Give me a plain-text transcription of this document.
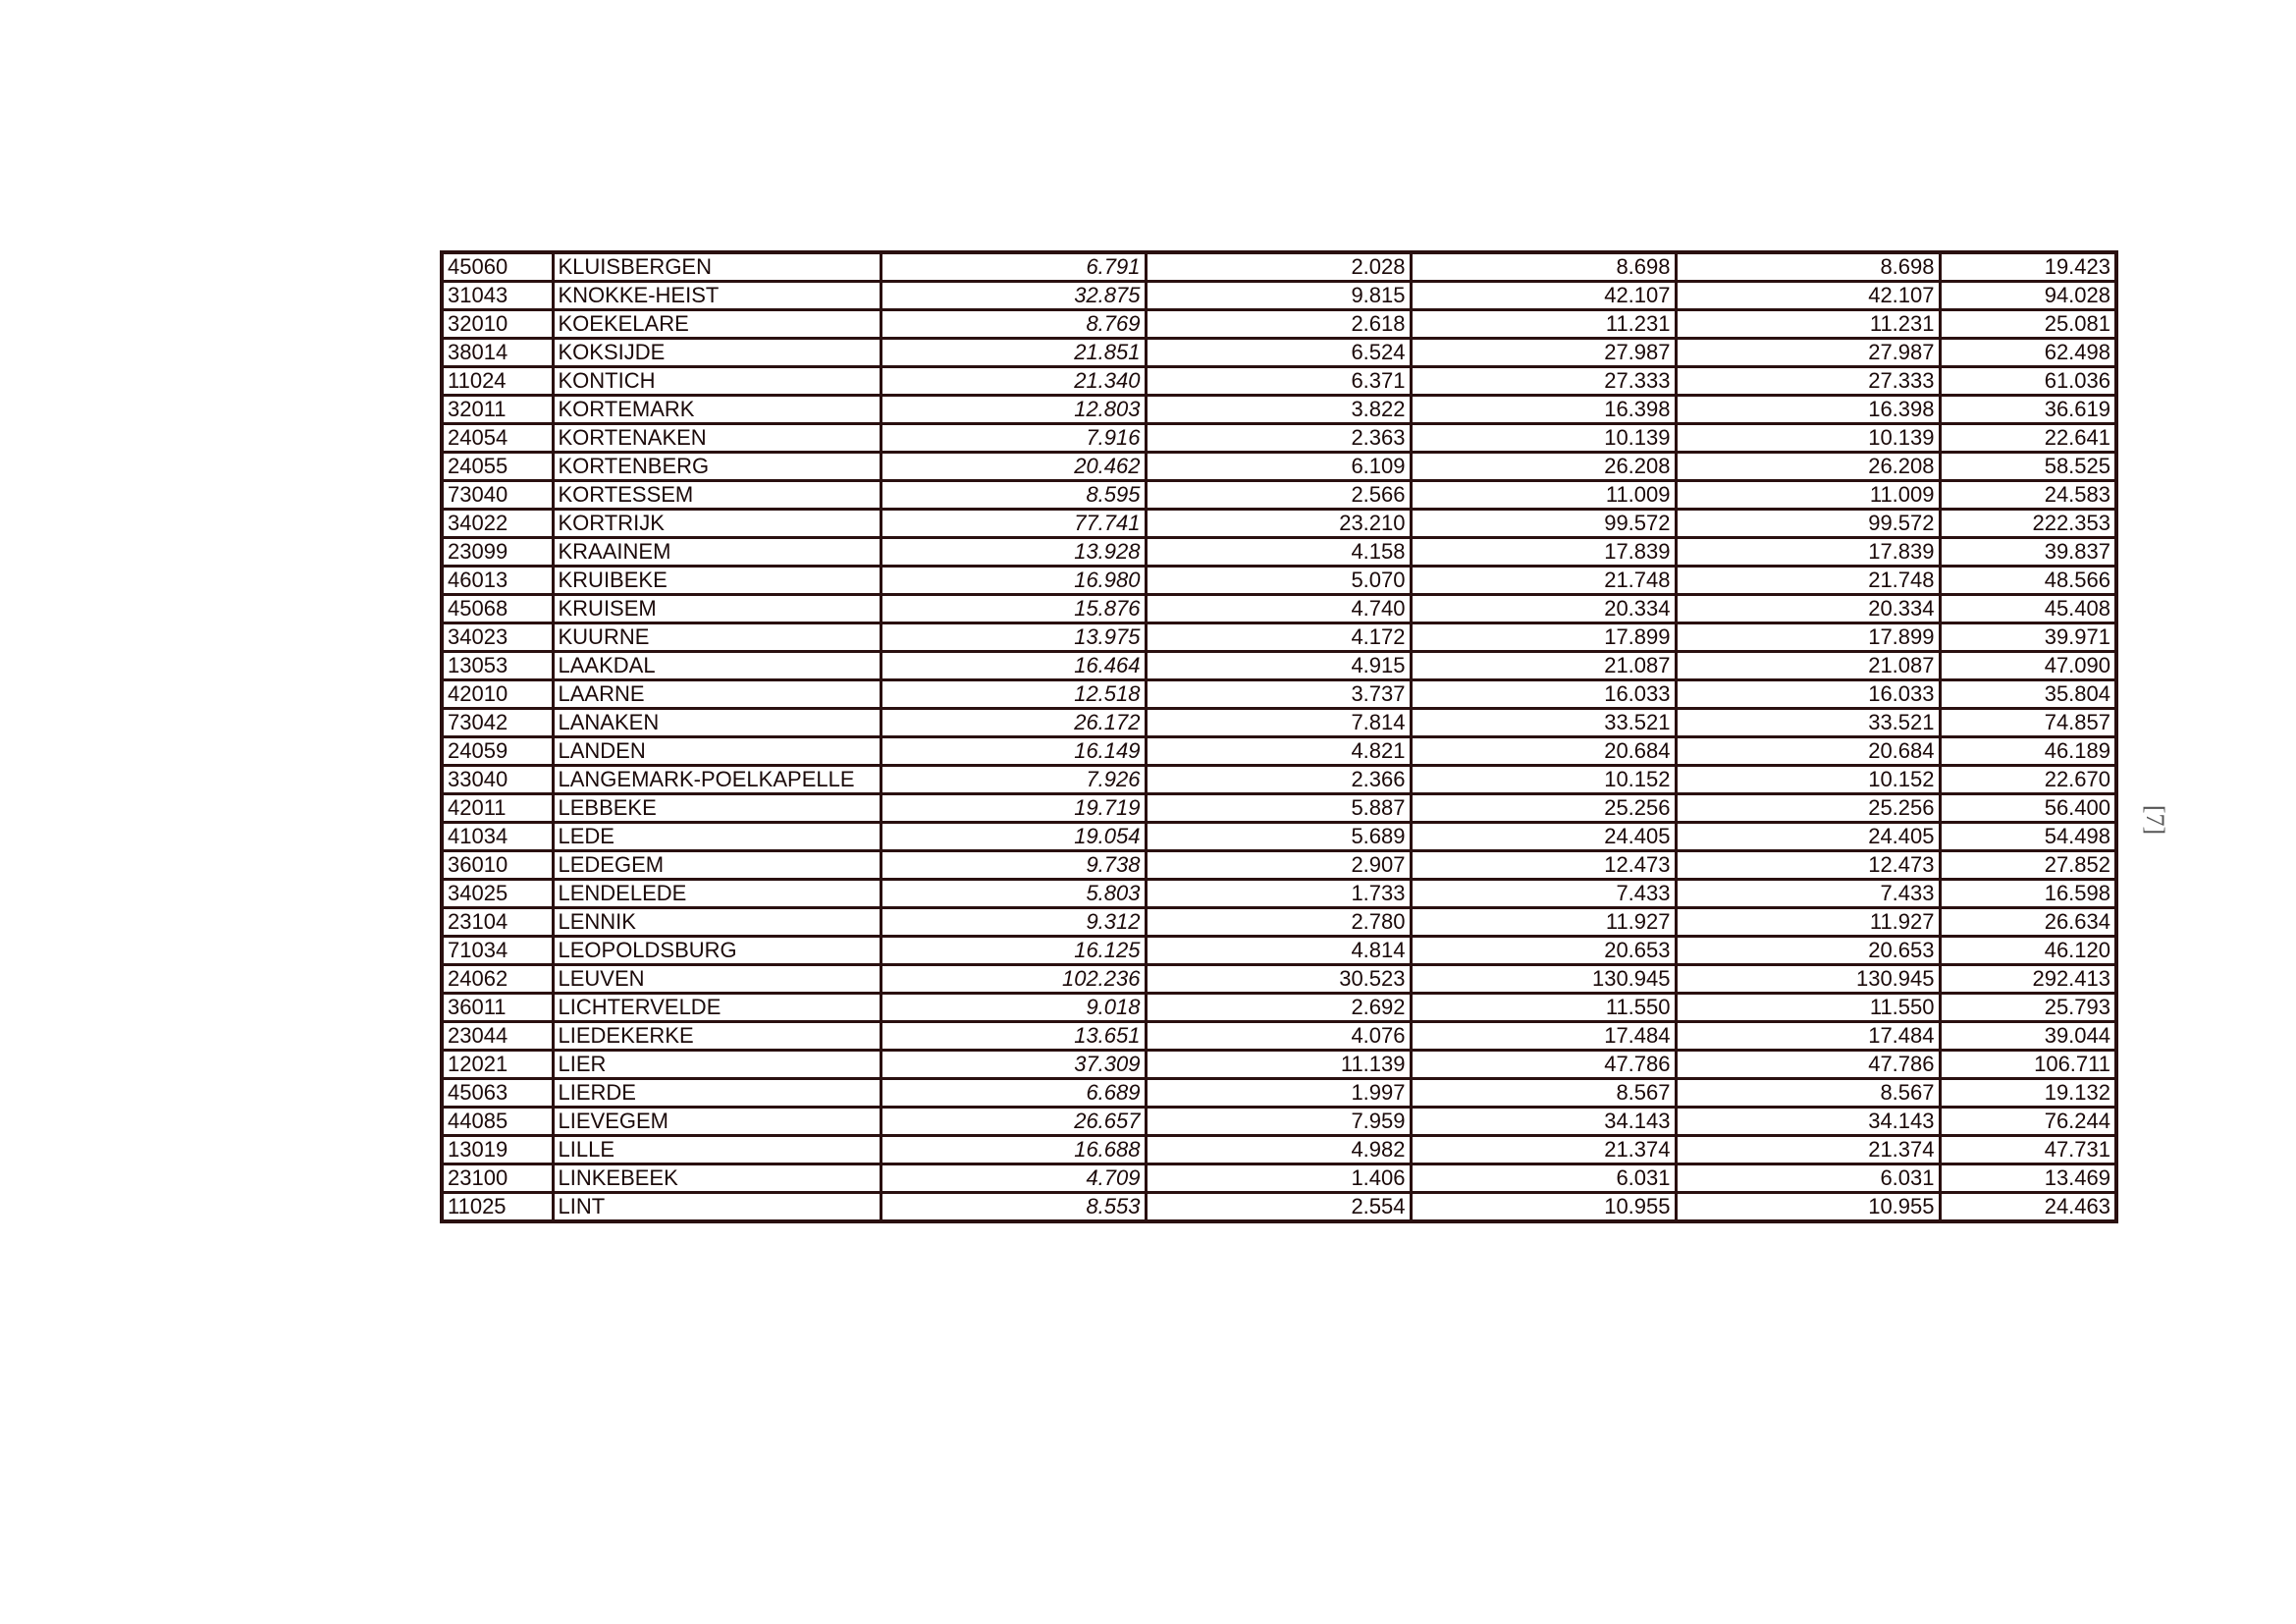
45060	KLUISBERGEN	6.791	2.028	8.698	8.698	19.423
31043	KNOKKE-HEIST	32.875	9.815	42.107	42.107	94.028
32010	KOEKELARE	8.769	2.618	11.231	11.231	25.081
38014	KOKSIJDE	21.851	6.524	27.987	27.987	62.498
11024	KONTICH	21.340	6.371	27.333	27.333	61.036
32011	KORTEMARK	12.803	3.822	16.398	16.398	36.619
24054	KORTENAKEN	7.916	2.363	10.139	10.139	22.641
24055	KORTENBERG	20.462	6.109	26.208	26.208	58.525
73040	KORTESSEM	8.595	2.566	11.009	11.009	24.583
34022	KORTRIJK	77.741	23.210	99.572	99.572	222.353
23099	KRAAINEM	13.928	4.158	17.839	17.839	39.837
46013	KRUIBEKE	16.980	5.070	21.748	21.748	48.566
45068	KRUISEM	15.876	4.740	20.334	20.334	45.408
34023	KUURNE	13.975	4.172	17.899	17.899	39.971
13053	LAAKDAL	16.464	4.915	21.087	21.087	47.090
42010	LAARNE	12.518	3.737	16.033	16.033	35.804
73042	LANAKEN	26.172	7.814	33.521	33.521	74.857
24059	LANDEN	16.149	4.821	20.684	20.684	46.189
33040	LANGEMARK-POELKAPELLE	7.926	2.366	10.152	10.152	22.670
42011	LEBBEKE	19.719	5.887	25.256	25.256	56.400
41034	LEDE	19.054	5.689	24.405	24.405	54.498
36010	LEDEGEM	9.738	2.907	12.473	12.473	27.852
34025	LENDELEDE	5.803	1.733	7.433	7.433	16.598
23104	LENNIK	9.312	2.780	11.927	11.927	26.634
71034	LEOPOLDSBURG	16.125	4.814	20.653	20.653	46.120
24062	LEUVEN	102.236	30.523	130.945	130.945	292.413
36011	LICHTERVELDE	9.018	2.692	11.550	11.550	25.793
23044	LIEDEKERKE	13.651	4.076	17.484	17.484	39.044
12021	LIER	37.309	11.139	47.786	47.786	106.711
45063	LIERDE	6.689	1.997	8.567	8.567	19.132
44085	LIEVEGEM	26.657	7.959	34.143	34.143	76.244
13019	LILLE	16.688	4.982	21.374	21.374	47.731
23100	LINKEBEEK	4.709	1.406	6.031	6.031	13.469
11025	LINT	8.553	2.554	10.955	10.955	24.463
[7]
